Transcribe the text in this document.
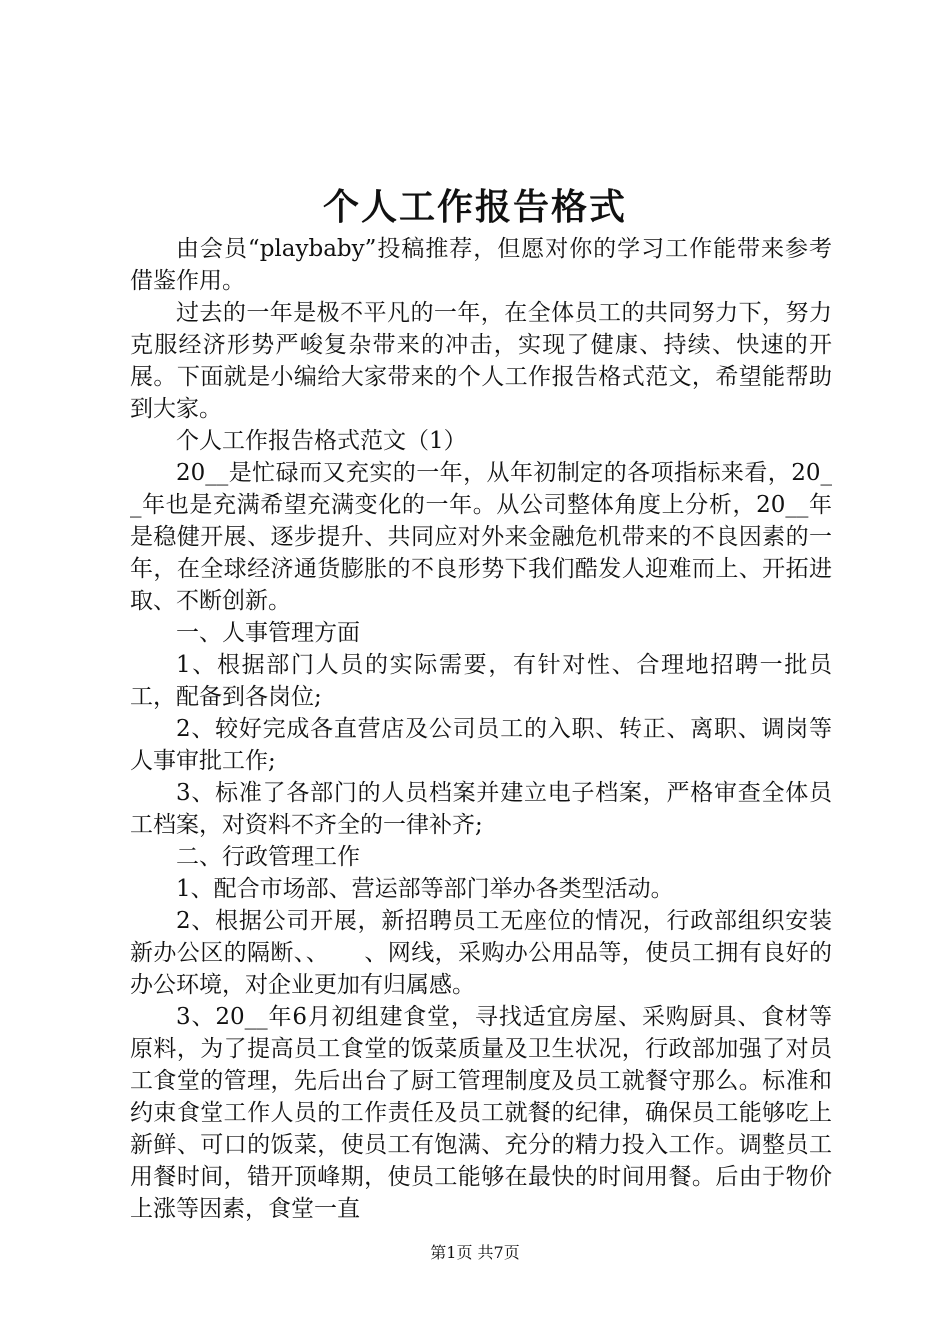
个人工作报告格式

由会员“playbaby”投稿推荐，但愿对你的学习工作能带来参考借鉴作用。

过去的一年是极不平凡的一年，在全体员工的共同努力下，努力克服经济形势严峻复杂带来的冲击，实现了健康、持续、快速的开展。下面就是小编给大家带来的个人工作报告格式范文，希望能帮助到大家。

个人工作报告格式范文（1）

20__是忙碌而又充实的一年，从年初制定的各项指标来看，20__年也是充满希望充满变化的一年。从公司整体角度上分析，20__年是稳健开展、逐步提升、共同应对外来金融危机带来的不良因素的一年，在全球经济通货膨胀的不良形势下我们酷发人迎难而上、开拓进取、不断创新。

一、人事管理方面

1、根据部门人员的实际需要，有针对性、合理地招聘一批员工，配备到各岗位;

2、较好完成各直营店及公司员工的入职、转正、离职、调岗等人事审批工作;

3、标准了各部门的人员档案并建立电子档案，严格审查全体员工档案，对资料不齐全的一律补齐;

二、行政管理工作

1、配合市场部、营运部等部门举办各类型活动。

2、根据公司开展，新招聘员工无座位的情况，行政部组织安装新办公区的隔断、、　　、网线，采购办公用品等，使员工拥有良好的办公环境，对企业更加有归属感。

3、20__年6月初组建食堂，寻找适宜房屋、采购厨具、食材等原料，为了提高员工食堂的饭菜质量及卫生状况，行政部加强了对员工食堂的管理，先后出台了厨工管理制度及员工就餐守那么。标准和约束食堂工作人员的工作责任及员工就餐的纪律，确保员工能够吃上新鲜、可口的饭菜，使员工有饱满、充分的精力投入工作。调整员工用餐时间，错开顶峰期，使员工能够在最快的时间用餐。后由于物价上涨等因素，食堂一直

第1页 共7页
